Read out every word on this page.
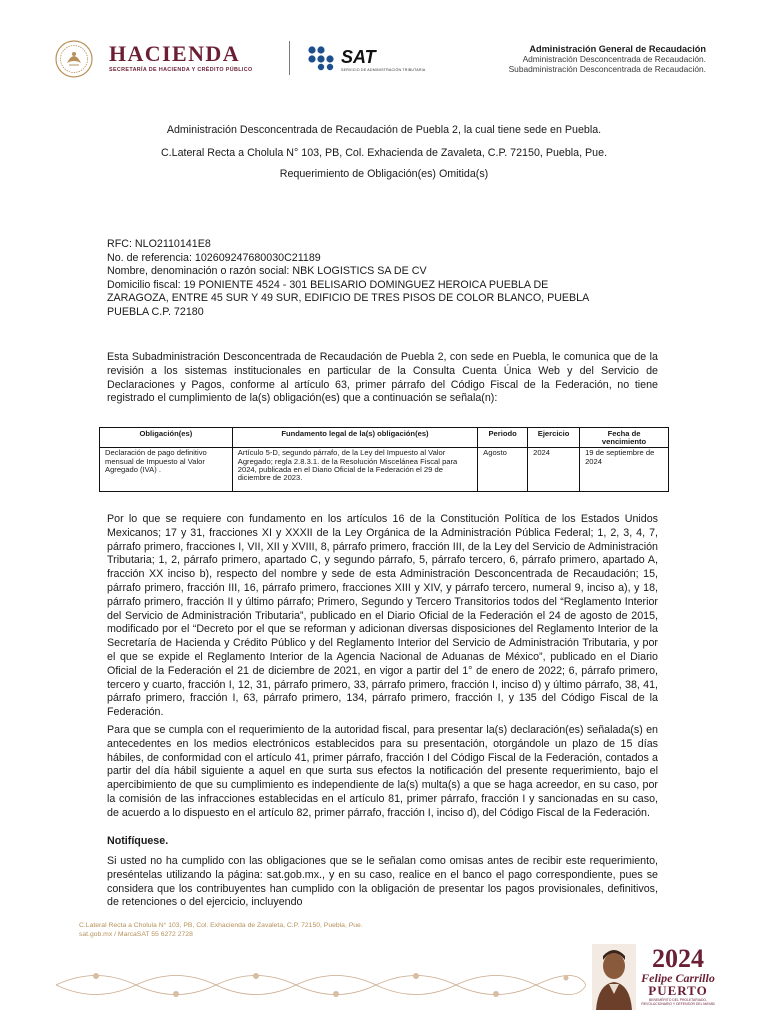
HACIENDA
SECRETARÍA DE HACIENDA Y CRÉDITO PÚBLICO
SAT
SERVICIO DE ADMINISTRACIÓN TRIBUTARIA
Administración General de Recaudación
Administración Desconcentrada de Recaudación.
Subadministración Desconcentrada de Recaudación.
Administración Desconcentrada de Recaudación de Puebla 2, la cual tiene sede en Puebla.
C.Lateral Recta a Cholula N° 103, PB, Col. Exhacienda de Zavaleta, C.P. 72150, Puebla, Pue.
Requerimiento de Obligación(es) Omitida(s)
RFC: NLO2110141E8
No. de referencia: 102609247680030C21189
Nombre, denominación o razón social: NBK LOGISTICS SA DE CV
Domicilio fiscal: 19 PONIENTE 4524 - 301 BELISARIO DOMINGUEZ HEROICA PUEBLA DE
ZARAGOZA, ENTRE 45 SUR Y 49 SUR, EDIFICIO DE TRES PISOS DE COLOR BLANCO, PUEBLA
PUEBLA C.P. 72180
Esta Subadministración Desconcentrada de Recaudación de Puebla 2, con sede en Puebla, le comunica que de la revisión a los sistemas institucionales en particular de la Consulta Cuenta Única Web y del Servicio de Declaraciones y Pagos, conforme al artículo 63, primer párrafo del Código Fiscal de la Federación, no tiene registrado el cumplimiento de la(s) obligación(es) que a continuación se señala(n):
Obligación(es)	Fundamento legal de la(s) obligación(es)	Periodo	Ejercicio	Fecha de vencimiento
Declaración de pago definitivo mensual de Impuesto al Valor Agregado (IVA) .	Artículo 5-D, segundo párrafo, de la Ley del Impuesto al Valor Agregado; regla 2.8.3.1. de la Resolución Miscelánea Fiscal para 2024, publicada en el Diario Oficial de la Federación el 29 de diciembre de 2023.	Agosto	2024	19 de septiembre de 2024
Por lo que se requiere con fundamento en los artículos 16 de la Constitución Política de los Estados Unidos Mexicanos; 17 y 31, fracciones XI y XXXII de la Ley Orgánica de la Administración Pública Federal; 1, 2, 3, 4, 7, párrafo primero, fracciones I, VII, XII y XVIII, 8, párrafo primero, fracción III, de la Ley del Servicio de Administración Tributaria; 1, 2, párrafo primero, apartado C, y segundo párrafo, 5, párrafo tercero, 6, párrafo primero, apartado A, fracción XX inciso b), respecto del nombre y sede de esta Administración Desconcentrada de Recaudación; 15, párrafo primero, fracción III, 16, párrafo primero, fracciones XIII y XIV, y párrafo tercero, numeral 9, inciso a), y 18, párrafo primero, fracción II y último párrafo; Primero, Segundo y Tercero Transitorios todos del “Reglamento Interior del Servicio de Administración Tributaria”, publicado en el Diario Oficial de la Federación el 24 de agosto de 2015, modificado por el “Decreto por el que se reforman y adicionan diversas disposiciones del Reglamento Interior de la Secretaría de Hacienda y Crédito Público y del Reglamento Interior del Servicio de Administración Tributaria, y por el que se expide el Reglamento Interior de la Agencia Nacional de Aduanas de México”, publicado en el Diario Oficial de la Federación el 21 de diciembre de 2021, en vigor a partir del 1° de enero de 2022; 6, párrafo primero, tercero y cuarto, fracción I, 12, 31, párrafo primero, 33, párrafo primero, fracción I, inciso d) y último párrafo, 38, 41, párrafo primero, fracción I, 63, párrafo primero, 134, párrafo primero, fracción I, y 135 del Código Fiscal de la Federación.
Para que se cumpla con el requerimiento de la autoridad fiscal, para presentar la(s) declaración(es) señalada(s) en antecedentes en los medios electrónicos establecidos para su presentación, otorgándole un plazo de 15 días hábiles, de conformidad con el artículo 41, primer párrafo, fracción I del Código Fiscal de la Federación, contados a partir del día hábil siguiente a aquel en que surta sus efectos la notificación del presente requerimiento, bajo el apercibimiento de que su cumplimiento es independiente de la(s) multa(s) a que se haga acreedor, en su caso, por la comisión de las infracciones establecidas en el artículo 81, primer párrafo, fracción I y sancionadas en su caso, de acuerdo a lo dispuesto en el artículo 82, primer párrafo, fracción I, inciso d), del Código Fiscal de la Federación.
Notifíquese.
Si usted no ha cumplido con las obligaciones que se le señalan como omisas antes de recibir este requerimiento, preséntelas utilizando la página: sat.gob.mx., y en su caso, realice en el banco el pago correspondiente, pues se considera que los contribuyentes han cumplido con la obligación de presentar los pagos provisionales, definitivos, de retenciones o del ejercicio, incluyendo
C.Lateral Recta a Cholula N° 103, PB, Col. Exhacienda de Zavaleta, C.P. 72150, Puebla, Pue.
sat.gob.mx / MarcaSAT 55 6272 2728
2024
Felipe Carrillo
PUERTO
BENEMÉRITO DEL PROLETARIADO, REVOLUCIONARIO Y DEFENSOR DEL MAYAB
